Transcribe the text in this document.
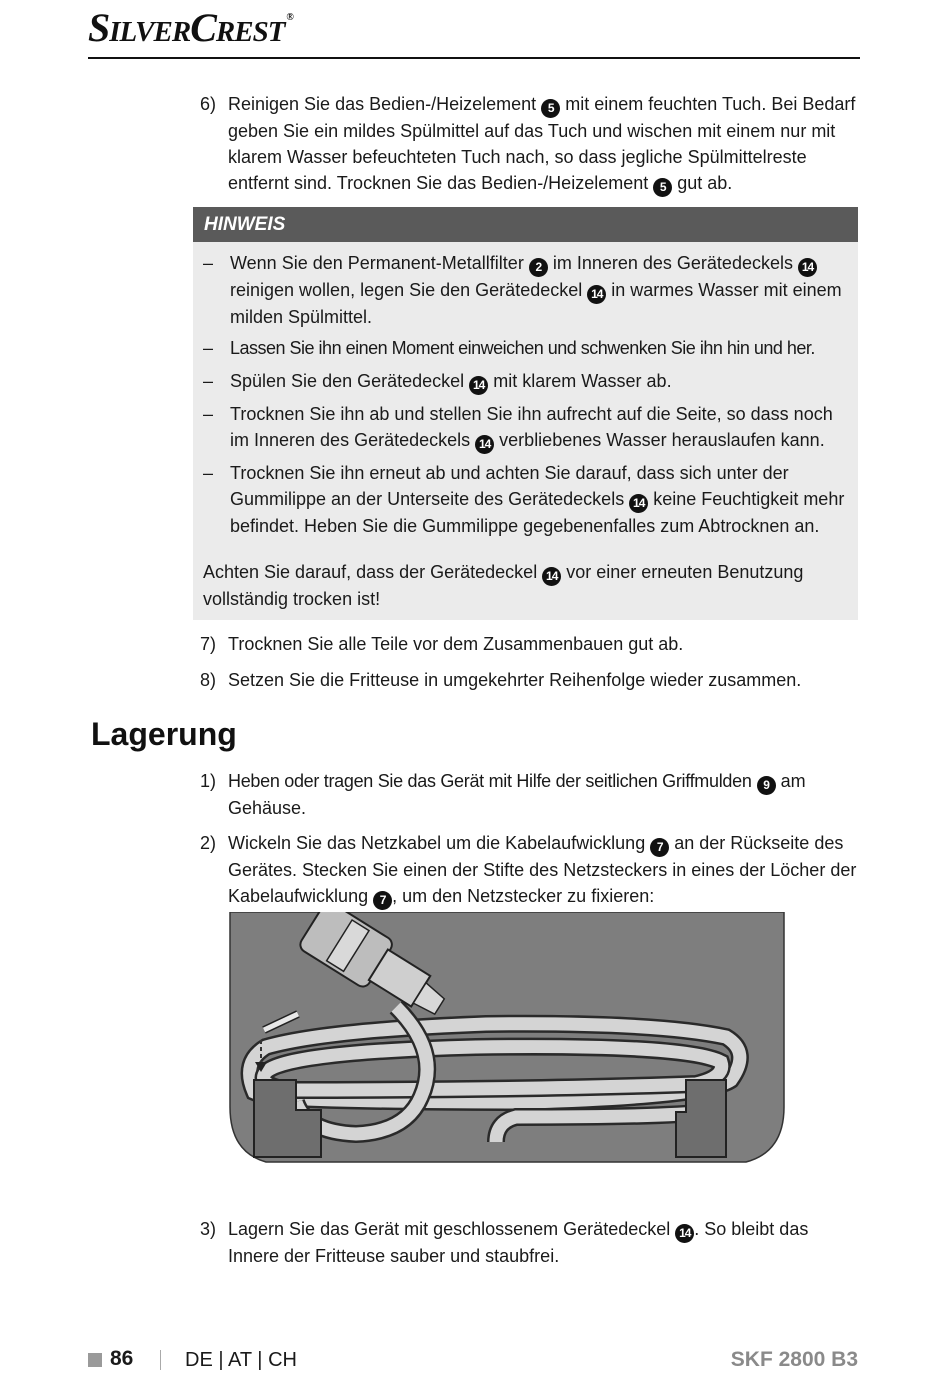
SILVERCREST ®
6) Reinigen Sie das Bedien-/Heizelement 5 mit einem feuchten Tuch. Bei Bedarf geben Sie ein mildes Spülmittel auf das Tuch und wischen mit einem nur mit klarem Wasser befeuchteten Tuch nach, so dass jegliche Spülmittelreste entfernt sind. Trocknen Sie das Bedien-/Heizelement 5 gut ab.
HINWEIS
– Wenn Sie den Permanent-Metallfilter 2 im Inneren des Gerätedeckels 14 reinigen wollen, legen Sie den Gerätedeckel 14 in warmes Wasser mit einem milden Spülmittel.
– Lassen Sie ihn einen Moment einweichen und schwenken Sie ihn hin und her.
– Spülen Sie den Gerätedeckel 14 mit klarem Wasser ab.
– Trocknen Sie ihn ab und stellen Sie ihn aufrecht auf die Seite, so dass noch im Inneren des Gerätedeckels 14 verbliebenes Wasser herauslaufen kann.
– Trocknen Sie ihn erneut ab und achten Sie darauf, dass sich unter der Gummilippe an der Unterseite des Gerätedeckels 14 keine Feuchtigkeit mehr befindet. Heben Sie die Gummilippe gegebenenfalles zum Abtrocknen an.
Achten Sie darauf, dass der Gerätedeckel 14 vor einer erneuten Benutzung vollständig trocken ist!
7) Trocknen Sie alle Teile vor dem Zusammenbauen gut ab.
8) Setzen Sie die Fritteuse in umgekehrter Reihenfolge wieder zusammen.
Lagerung
1) Heben oder tragen Sie das Gerät mit Hilfe der seitlichen Griffmulden 9 am Gehäuse.
2) Wickeln Sie das Netzkabel um die Kabelaufwicklung 7 an der Rückseite des Gerätes. Stecken Sie einen der Stifte des Netzsteckers in eines der Löcher der Kabelaufwicklung 7 , um den Netzstecker zu fixieren:
3) Lagern Sie das Gerät mit geschlossenem Gerätedeckel 14 . So bleibt das Innere der Fritteuse sauber und staubfrei.
86	DE | AT | CH	SKF 2800 B3
